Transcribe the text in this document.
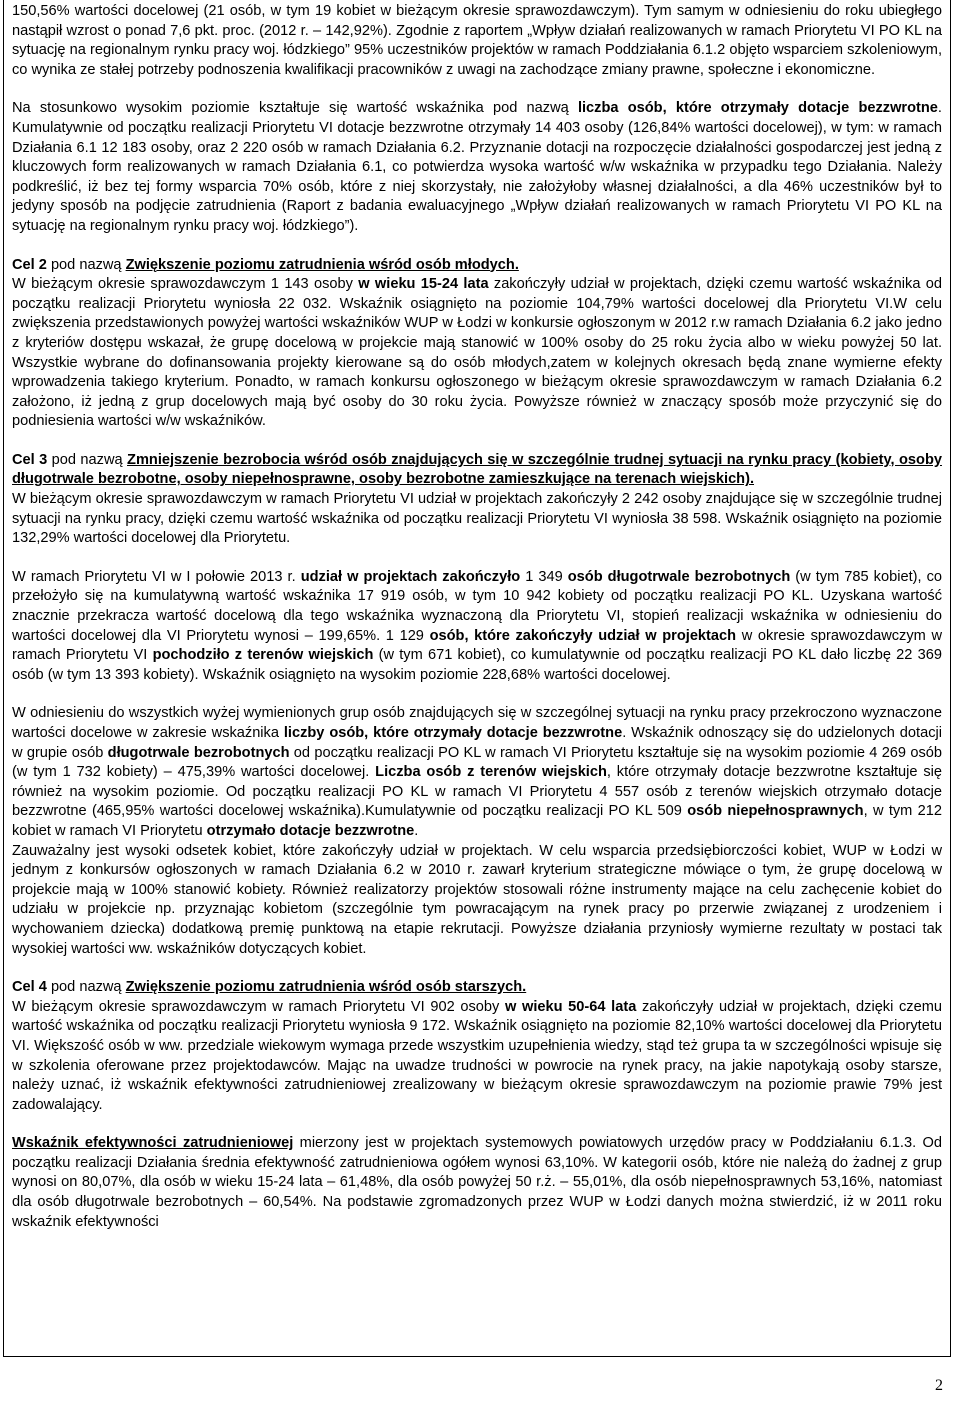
150,56% wartości docelowej (21 osób, w tym 19 kobiet w bieżącym okresie sprawozdawczym). Tym samym w odniesieniu do roku ubiegłego nastąpił wzrost o ponad 7,6 pkt. proc. (2012 r. – 142,92%). Zgodnie z raportem „Wpływ działań realizowanych w ramach Priorytetu VI PO KL na sytuację na regionalnym rynku pracy woj. łódzkiego” 95% uczestników projektów w ramach Poddziałania 6.1.2 objęto wsparciem szkoleniowym, co wynika ze stałej potrzeby podnoszenia kwalifikacji pracowników z uwagi na zachodzące zmiany prawne, społeczne i ekonomiczne.

Na stosunkowo wysokim poziomie kształtuje się wartość wskaźnika pod nazwą liczba osób, które otrzymały dotacje bezzwrotne. Kumulatywnie od początku realizacji Priorytetu VI dotacje bezzwrotne otrzymały 14 403 osoby (126,84% wartości docelowej), w tym: w ramach Działania 6.1 12 183 osoby, oraz 2 220 osób w ramach Działania 6.2. Przyznanie dotacji na rozpoczęcie działalności gospodarczej jest jedną z kluczowych form realizowanych w ramach Działania 6.1, co potwierdza wysoka wartość w/w wskaźnika w przypadku tego Działania. Należy podkreślić, iż bez tej formy wsparcia 70% osób, które z niej skorzystały, nie założyłoby własnej działalności, a dla 46% uczestników był to jedyny sposób na podjęcie zatrudnienia (Raport z badania ewaluacyjnego „Wpływ działań realizowanych w ramach Priorytetu VI PO KL na sytuację na regionalnym rynku pracy woj. łódzkiego”).

Cel 2 pod nazwą Zwiększenie poziomu zatrudnienia wśród osób młodych.
W bieżącym okresie sprawozdawczym 1 143 osoby w wieku 15-24 lata zakończyły udział w projektach, dzięki czemu wartość wskaźnika od początku realizacji Priorytetu wyniosła 22 032. Wskaźnik osiągnięto na poziomie 104,79% wartości docelowej dla Priorytetu VI.W celu zwiększenia przedstawionych powyżej wartości wskaźników WUP w Łodzi w konkursie ogłoszonym w 2012 r.w ramach Działania 6.2 jako jedno z kryteriów dostępu wskazał, że grupę docelową w projekcie mają stanowić w 100% osoby do 25 roku życia albo w wieku powyżej 50 lat. Wszystkie wybrane do dofinansowania projekty kierowane są do osób młodych,zatem w kolejnych okresach będą znane wymierne efekty wprowadzenia takiego kryterium. Ponadto, w ramach konkursu ogłoszonego w bieżącym okresie sprawozdawczym w ramach Działania 6.2 założono, iż jedną z grup docelowych mają być osoby do 30 roku życia. Powyższe również w znaczący sposób może przyczynić się do podniesienia wartości w/w wskaźników.

Cel 3 pod nazwą Zmniejszenie bezrobocia wśród osób znajdujących się w szczególnie trudnej sytuacji na rynku pracy (kobiety, osoby długotrwale bezrobotne, osoby niepełnosprawne, osoby bezrobotne zamieszkujące na terenach wiejskich).
W bieżącym okresie sprawozdawczym w ramach Priorytetu VI udział w projektach zakończyły 2 242 osoby znajdujące się w szczególnie trudnej sytuacji na rynku pracy, dzięki czemu wartość wskaźnika od początku realizacji Priorytetu VI wyniosła 38 598. Wskaźnik osiągnięto na poziomie 132,29% wartości docelowej dla Priorytetu.

W ramach Priorytetu VI w I połowie 2013 r. udział w projektach zakończyło 1 349 osób długotrwale bezrobotnych (w tym 785 kobiet), co przełożyło się na kumulatywną wartość wskaźnika 17 919 osób, w tym 10 942 kobiety od początku realizacji PO KL. Uzyskana wartość znacznie przekracza wartość docelową dla tego wskaźnika wyznaczoną dla Priorytetu VI, stopień realizacji wskaźnika w odniesieniu do wartości docelowej dla VI Priorytetu wynosi – 199,65%. 1 129 osób, które zakończyły udział w projektach w okresie sprawozdawczym w ramach Priorytetu VI pochodziło z terenów wiejskich (w tym 671 kobiet), co kumulatywnie od początku realizacji PO KL dało liczbę 22 369 osób (w tym 13 393 kobiety). Wskaźnik osiągnięto na wysokim poziomie 228,68% wartości docelowej.

W odniesieniu do wszystkich wyżej wymienionych grup osób znajdujących się w szczególnej sytuacji na rynku pracy przekroczono wyznaczone wartości docelowe w zakresie wskaźnika liczby osób, które otrzymały dotacje bezzwrotne. Wskaźnik odnoszący się do udzielonych dotacji w grupie osób długotrwale bezrobotnych od początku realizacji PO KL w ramach VI Priorytetu kształtuje się na wysokim poziomie 4 269 osób (w tym 1 732 kobiety) – 475,39% wartości docelowej. Liczba osób z terenów wiejskich, które otrzymały dotacje bezzwrotne kształtuje się również na wysokim poziomie. Od początku realizacji PO KL w ramach VI Priorytetu 4 557 osób z terenów wiejskich otrzymało dotacje bezzwrotne (465,95% wartości docelowej wskaźnika).Kumulatywnie od początku realizacji PO KL 509 osób niepełnosprawnych, w tym 212 kobiet w ramach VI Priorytetu otrzymało dotacje bezzwrotne.
Zauważalny jest wysoki odsetek kobiet, które zakończyły udział w projektach. W celu wsparcia przedsiębiorczości kobiet, WUP w Łodzi w jednym z konkursów ogłoszonych w ramach Działania 6.2 w 2010 r. zawarł kryterium strategiczne mówiące o tym, że grupę docelową w projekcie mają w 100% stanowić kobiety. Również realizatorzy projektów stosowali różne instrumenty mające na celu zachęcenie kobiet do udziału w projekcie np. przyznając kobietom (szczególnie tym powracającym na rynek pracy po przerwie związanej z urodzeniem i wychowaniem dziecka) dodatkową premię punktową na etapie rekrutacji. Powyższe działania przyniosły wymierne rezultaty w postaci tak wysokiej wartości ww. wskaźników dotyczących kobiet.

Cel 4 pod nazwą Zwiększenie poziomu zatrudnienia wśród osób starszych.
W bieżącym okresie sprawozdawczym w ramach Priorytetu VI 902 osoby w wieku 50-64 lata zakończyły udział w projektach, dzięki czemu wartość wskaźnika od początku realizacji Priorytetu wyniosła 9 172. Wskaźnik osiągnięto na poziomie 82,10% wartości docelowej dla Priorytetu VI. Większość osób w ww. przedziale wiekowym wymaga przede wszystkim uzupełnienia wiedzy, stąd też grupa ta w szczególności wpisuje się w szkolenia oferowane przez projektodawców. Mając na uwadze trudności w powrocie na rynek pracy, na jakie napotykają osoby starsze, należy uznać, iż wskaźnik efektywności zatrudnieniowej zrealizowany w bieżącym okresie sprawozdawczym na poziomie prawie 79% jest zadowalający.

Wskaźnik efektywności zatrudnieniowej mierzony jest w projektach systemowych powiatowych urzędów pracy w Poddziałaniu 6.1.3. Od początku realizacji Działania średnia efektywność zatrudnieniowa ogółem wynosi 63,10%. W kategorii osób, które nie należą do żadnej z grup wynosi on 80,07%, dla osób w wieku 15-24 lata – 61,48%, dla osób powyżej 50 r.ż. – 55,01%, dla osób niepełnosprawnych 53,16%, natomiast dla osób długotrwale bezrobotnych – 60,54%. Na podstawie zgromadzonych przez WUP w Łodzi danych można stwierdzić, iż w 2011 roku wskaźnik efektywności

2
